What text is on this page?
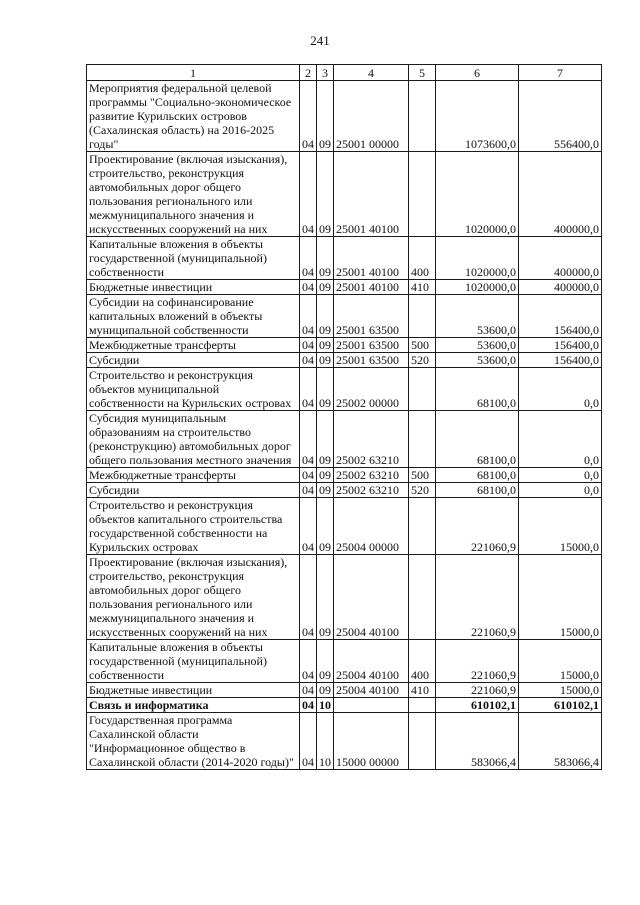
241
1	2	3	4	5	6	7
Мероприятия федеральной целевой программы "Социально-экономическое развитие Курильских островов (Сахалинская область) на 2016-2025 годы"	04	09	25001 00000		1073600,0	556400,0
Проектирование (включая изыскания), строительство, реконструкция автомобильных дорог общего пользования регионального или межмуниципального значения и искусственных сооружений на них	04	09	25001 40100		1020000,0	400000,0
Капитальные вложения в объекты государственной (муниципальной) собственности	04	09	25001 40100	400	1020000,0	400000,0
Бюджетные инвестиции	04	09	25001 40100	410	1020000,0	400000,0
Субсидии на софинансирование капитальных вложений в объекты муниципальной собственности	04	09	25001 63500		53600,0	156400,0
Межбюджетные трансферты	04	09	25001 63500	500	53600,0	156400,0
Субсидии	04	09	25001 63500	520	53600,0	156400,0
Строительство и реконструкция объектов муниципальной собственности на Курильских островах	04	09	25002 00000		68100,0	0,0
Субсидия муниципальным образованиям на строительство (реконструкцию) автомобильных дорог общего пользования местного значения	04	09	25002 63210		68100,0	0,0
Межбюджетные трансферты	04	09	25002 63210	500	68100,0	0,0
Субсидии	04	09	25002 63210	520	68100,0	0,0
Строительство и реконструкция объектов капитального строительства государственной собственности на Курильских островах	04	09	25004 00000		221060,9	15000,0
Проектирование (включая изыскания), строительство, реконструкция автомобильных дорог общего пользования регионального или межмуниципального значения и искусственных сооружений на них	04	09	25004 40100		221060,9	15000,0
Капитальные вложения в объекты государственной (муниципальной) собственности	04	09	25004 40100	400	221060,9	15000,0
Бюджетные инвестиции	04	09	25004 40100	410	221060,9	15000,0
Связь и информатика	04	10			610102,1	610102,1
Государственная программа Сахалинской области "Информационное общество в Сахалинской области (2014-2020 годы)"	04	10	15000 00000		583066,4	583066,4
